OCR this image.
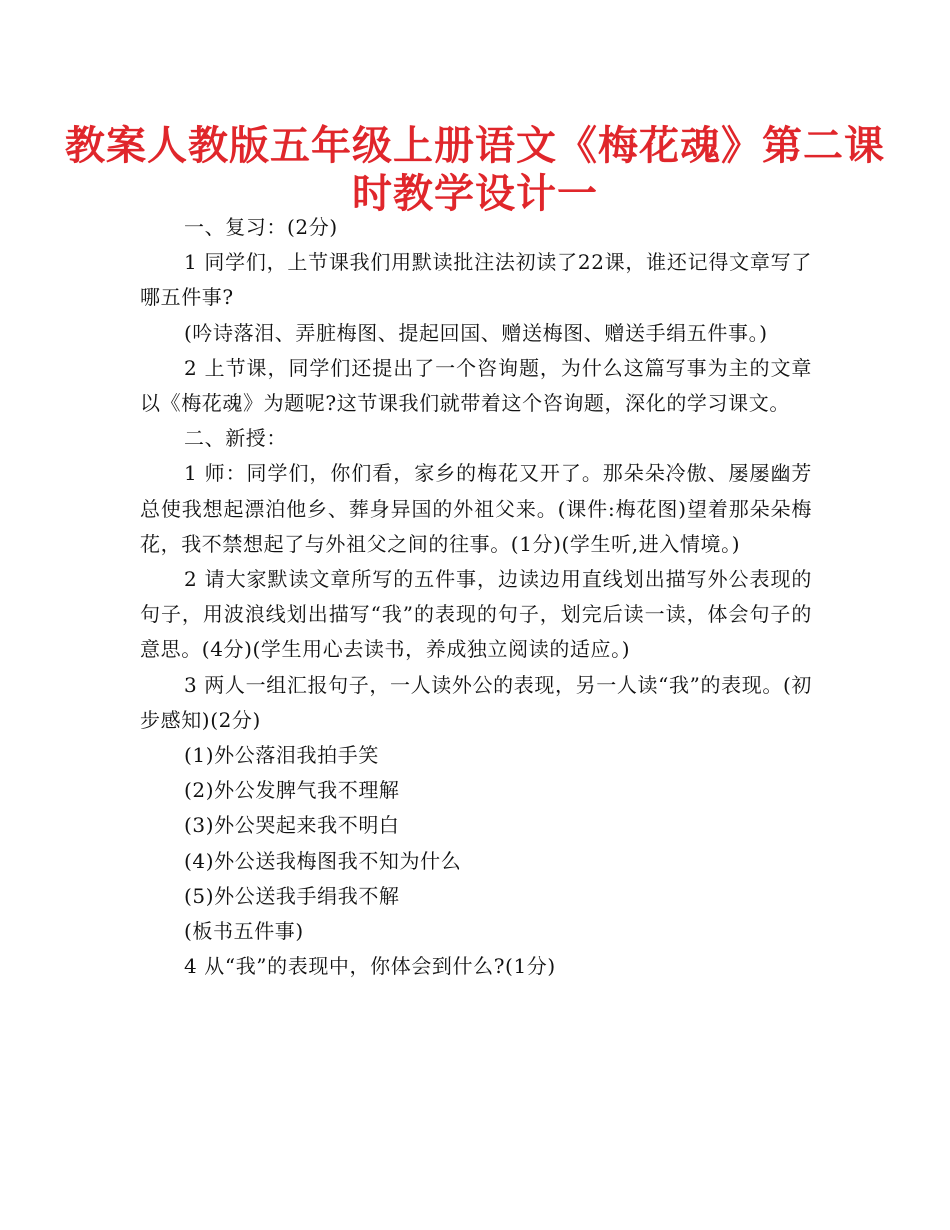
教案人教版五年级上册语文《梅花魂》第二课时教学设计一

一、复习：(2分)

1 同学们，上节课我们用默读批注法初读了22课，谁还记得文章写了哪五件事?

(吟诗落泪、弄脏梅图、提起回国、赠送梅图、赠送手绢五件事。)

2 上节课，同学们还提出了一个咨询题，为什么这篇写事为主的文章以《梅花魂》为题呢?这节课我们就带着这个咨询题，深化的学习课文。

二、新授：

1 师：同学们，你们看，家乡的梅花又开了。那朵朵冷傲、屡屡幽芳总使我想起漂泊他乡、葬身异国的外祖父来。(课件:梅花图)望着那朵朵梅花，我不禁想起了与外祖父之间的往事。(1分)(学生听,进入情境。)

2 请大家默读文章所写的五件事，边读边用直线划出描写外公表现的句子，用波浪线划出描写“我”的表现的句子，划完后读一读，体会句子的意思。(4分)(学生用心去读书，养成独立阅读的适应。)

3 两人一组汇报句子，一人读外公的表现，另一人读“我”的表现。(初步感知)(2分)

(1)外公落泪我拍手笑

(2)外公发脾气我不理解

(3)外公哭起来我不明白

(4)外公送我梅图我不知为什么

(5)外公送我手绢我不解

(板书五件事)

4 从“我”的表现中，你体会到什么?(1分)
